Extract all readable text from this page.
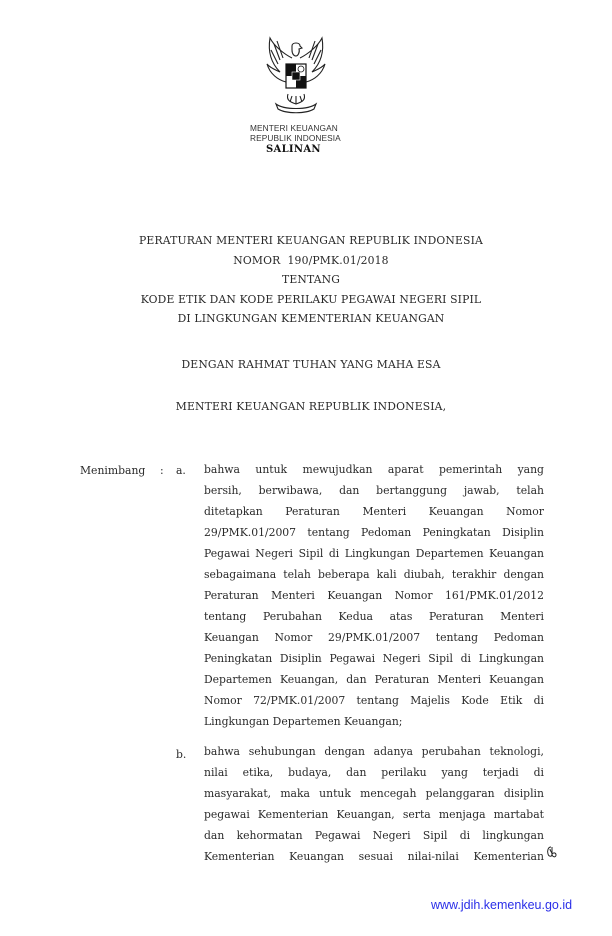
MENTERI KEUANGAN
REPUBLIK INDONESIA
SALINAN
PERATURAN MENTERI KEUANGAN REPUBLIK INDONESIA
NOMOR  190/PMK.01/2018
TENTANG
KODE ETIK DAN KODE PERILAKU PEGAWAI NEGERI SIPIL
DI LINGKUNGAN KEMENTERIAN KEUANGAN
DENGAN RAHMAT TUHAN YANG MAHA ESA
MENTERI KEUANGAN REPUBLIK INDONESIA,
Menimbang : a. bahwa untuk mewujudkan aparat pemerintah yang
bersih, berwibawa, dan bertanggung jawab, telah
ditetapkan Peraturan Menteri Keuangan Nomor
29/PMK.01/2007 tentang Pedoman Peningkatan Disiplin
Pegawai Negeri Sipil di Lingkungan Departemen Keuangan
sebagaimana telah beberapa kali diubah, terakhir dengan
Peraturan Menteri Keuangan Nomor 161/PMK.01/2012
tentang Perubahan Kedua atas Peraturan Menteri
Keuangan Nomor 29/PMK.01/2007 tentang Pedoman
Peningkatan Disiplin Pegawai Negeri Sipil di Lingkungan
Departemen Keuangan, dan Peraturan Menteri Keuangan
Nomor 72/PMK.01/2007 tentang Majelis Kode Etik di
Lingkungan Departemen Keuangan;
b. bahwa sehubungan dengan adanya perubahan teknologi,
nilai etika, budaya, dan perilaku yang terjadi di
masyarakat, maka untuk mencegah pelanggaran disiplin
pegawai Kementerian Keuangan, serta menjaga martabat
dan kehormatan Pegawai Negeri Sipil di lingkungan
Kementerian Keuangan sesuai nilai-nilai Kementerian
www.jdih.kemenkeu.go.id
